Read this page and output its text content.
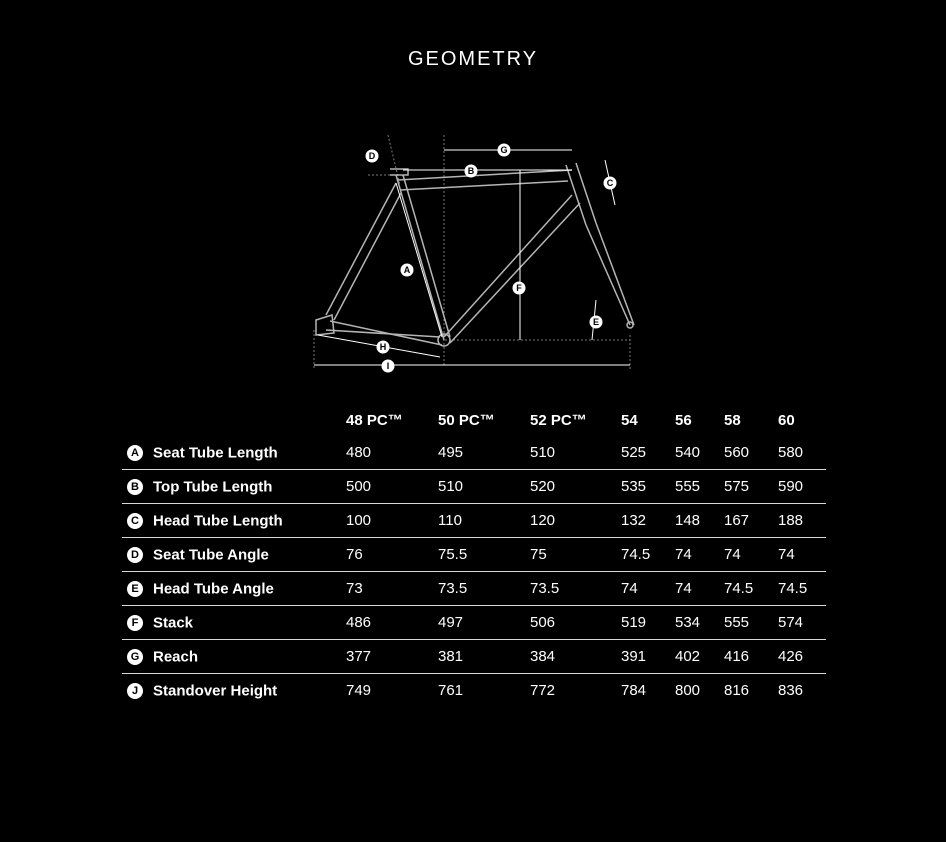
GEOMETRY
A
B
C
D
E
F
G
H
I
	48 PC™	50 PC™	52 PC™	54	56	58	60
A Seat Tube Length	480	495	510	525	540	560	580
B Top Tube Length	500	510	520	535	555	575	590
C Head Tube Length	100	110	120	132	148	167	188
D Seat Tube Angle	76	75.5	75	74.5	74	74	74
E Head Tube Angle	73	73.5	73.5	74	74	74.5	74.5
F Stack	486	497	506	519	534	555	574
G Reach	377	381	384	391	402	416	426
J Standover Height	749	761	772	784	800	816	836
